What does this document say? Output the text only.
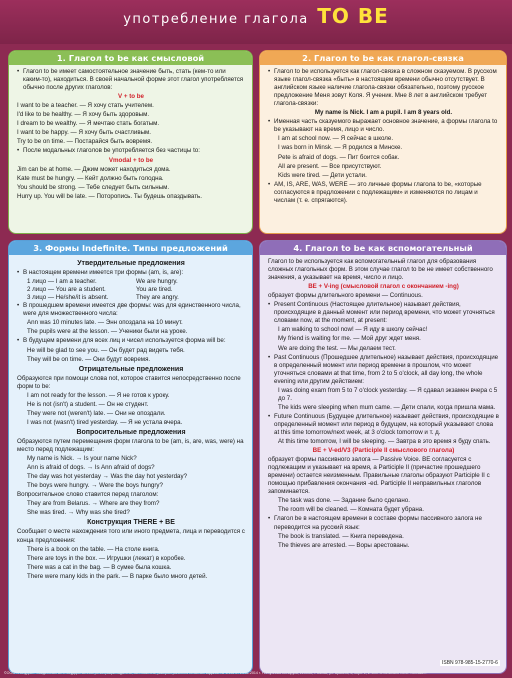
употребление глагола TO BE
1. Глагол to be как смысловой

• Глагол to be имеет самостоятельное значение быть, стать (кем-то или каким-то), находиться. В своей начальной форме этот глагол употребляется обычно после других глаголов:

V + to be

I want to be a teacher. — Я хочу стать учителем.

I'd like to be healthy. — Я хочу быть здоровым.

I dream to be wealthy. — Я мечтаю стать богатым.

I want to be happy. — Я хочу быть счастливым.

Try to be on time. — Постарайся быть вовремя.

• После модальных глаголов be употребляется без частицы to:

Vmodal + to be

Jim can be at home. — Джим может находиться дома.

Kate must be hungry. — Кейт должно быть голодна.

You should be strong. — Тебе следует быть сильным.

Hurry up. You will be late. — Поторопись. Ты будешь опаздывать.

2. Глагол to be как глагол-связка

• Глагол to be используется как глагол-связка в сложном сказуемом. В русском языке глагол-связка «быть» в настоящем времени обычно отсутствует. В английском языке наличие глагола-связки обязательно, поэтому русское предложение Меня зовут Коля. Я ученик. Мне 8 лет в английском требует глагола-связки:

My name is Nick. I am a pupil. I am 8 years old.

• Именная часть сказуемого выражает основное значение, а формы глагола to be указывают на время, лицо и число.

I am at school now. — Я сейчас в школе.

I was born in Minsk. — Я родился в Минске.

Pete is afraid of dogs. — Пит боится собак.

All are present. — Все присутствуют.

Kids were tired. — Дети устали.

• AM, IS, ARE, WAS, WERE — это личные формы глагола to be, «которые согласуются в предложении с подлежащим» и изменяются по лицам и числам (т. е. спрягаются).

3. Формы Indefinite. Типы предложений
Утвердительные предложения

• В настоящем времени имеется три формы (am, is, are):

1 лицо — I am a teacher.	We are hungry.
2 лицо — You are a student.	You are tired.
3 лицо — He/she/it is absent.	They are angry.

• В прошедшем времени имеется две формы: was для единственного числа, were для множественного числа:

Ann was 10 minutes late. — Энн опоздала на 10 минут.

The pupils were at the lesson. — Ученики были на уроке.

• В будущем времени для всех лиц и чисел используется форма will be:

He will be glad to see you. — Он будет рад видеть тебя.

They will be on time. — Они будут вовремя.

Отрицательные предложения

Образуются при помощи слова not, которое ставится непосредственно после форм to be:

I am not ready for the lesson. — Я не готов к уроку.

He is not (isn't) a student. — Он не студент.

They were not (weren't) late. — Они не опоздали.

I was not (wasn't) tired yesterday. — Я не устала вчера.

Вопросительные предложения

Образуются путем перемещения форм глагола to be (am, is, are, was, were) на место перед подлежащим:

My name is Nick. → Is your name Nick?

Ann is afraid of dogs. → Is Ann afraid of dogs?

The day was hot yesterday → Was the day hot yesterday?

The boys were hungry. → Were the boys hungry?

Вопросительное слово ставится перед глаголом:

They are from Belarus. → Where are they from?

She was tired. → Why was she tired?

Конструкция THERE + BE

Сообщает о месте нахождения того или иного предмета, лица и переводится с конца предложения:

There is a book on the table. — На столе книга.

There are toys in the box. — Игрушки (лежат) в коробке.

There was a cat in the bag. — В сумке была кошка.

There were many kids in the park. — В парке было много детей.

4. Глагол to be как вспомогательный

Глагол to be используется как вспомогательный глагол для образования сложных глагольных форм. В этом случае глагол to be не имеет собственного значения, а указывает на время, число и лицо.

BE + V-ing (смысловой глагол с окончанием -ing)

образует формы длительного времени — Continuous.

• Present Continuous (Настоящее длительное) называет действия, происходящие в данный момент или период времени, что может уточняться словами now, at the moment, at present:

I am walking to school now! — Я иду в школу сейчас!

My friend is waiting for me. — Мой друг ждет меня.

We are doing the test. — Мы делаем тест.

• Past Continuous (Прошедшее длительное) называет действия, происходящие в определенный момент или период времени в прошлом, что может уточняться словами at that time, from 2 to 5 o'clock, all day long, the whole evening или другим действием:

I was doing exam from 5 to 7 o'clock yesterday. — Я сдавал экзамен вчера с 5 до 7.

The kids were sleeping when mum came. — Дети спали, когда пришла мама.

• Future Continuous (Будущее длительное) называет действия, происходящие в определенный момент или период в будущем, на который указывают слова at this time tomorrow/next week, at 3 o'clock tomorrow и т. д.

At this time tomorrow, I will be sleeping. — Завтра в это время я буду спать.

BE + V-ed/V3 (Participle II смыслового глагола)

образует формы пассивного залога — Passive Voice. BE согласуется с подлежащим и указывает на время, а Participle II (причастие прошедшего времени) остается неизменным. Правильные глаголы образуют Participle II с помощью прибавления окончания -ed. Participle II неправильных глаголов запоминается.

The task was done. — Задание было сделано.

The room will be cleaned. — Комната будет убрана.

• Глагол be в настоящем времени в составе формы пассивного залога не переводится на русский язык:

The book is translated. — Книга переведена.

The thieves are arrested. — Воры арестованы.

ISBN 978-985-15-2770-6
©ООО «Попурри». Свидетельство о государственной регистрации издателя, изготовителя, распространителя печатных изданий № 1/196 от 24.01.2014 г. Республика Беларусь, 220033, г. Минск, ул. Брикета, 5, корп. 2, к. 403. Отпечатано ООО «Онлайн».
